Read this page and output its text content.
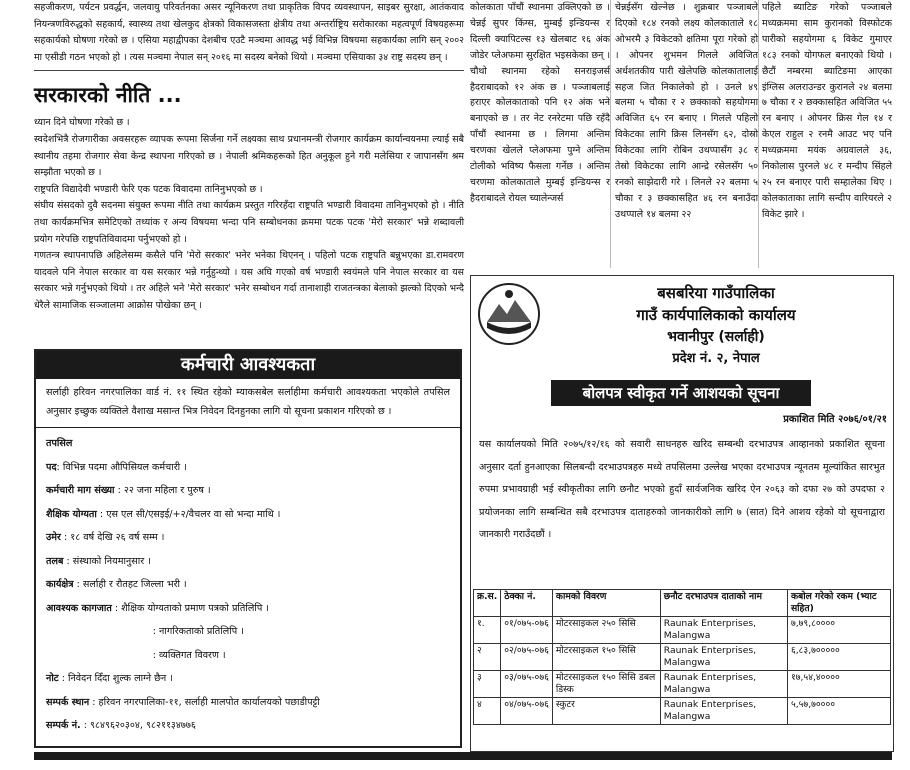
सहजीकरण, पर्यटन प्रवर्द्धन, जलवायु परिवर्तनका असर न्यूनिकरण तथा प्राकृतिक विपद व्यवस्थापन, साइबर सुरक्षा, आतंकवाद नियन्त्रणविरुद्धको सहकार्य, स्वास्थ्य तथा खेलकुद क्षेत्रको विकासजस्ता क्षेत्रीय तथा अन्तर्राष्ट्रिय सरोकारका महत्वपूर्ण विषयहरूमा सहकार्यको घोषणा गरेको छ । एसिया महाद्वीपका देशबीच एउटै मञ्चमा आवद्ध भई विभिन्न विषयमा सहकार्यका लागि सन् २००२ मा एसीडी गठन भएको हो । त्यस मञ्चमा नेपाल सन् २०१६ मा सदस्य बनेको थियो । मञ्चमा एसियाका ३४ राष्ट्र सदस्य छन् ।

सरकारको नीति ...

ध्यान दिने घोषणा गरेको छ ।

स्वदेशभित्रै रोजगारीका अवसरहरू व्यापक रूपमा सिर्जना गर्ने लक्ष्यका साथ प्रधानमन्त्री रोजगार कार्यक्रम कार्यान्वयनमा ल्याई सबै स्थानीय तहमा रोजगार सेवा केन्द्र स्थापना गरिएको छ । नेपाली श्रमिकहरूको हित अनुकूल हुने गरी मलेसिया र जापानसँग श्रम सम्झौता भएको छ ।

राष्ट्रपति विद्यादेवी भण्डारी फेरि एक पटक विवादमा तानिनुभएको छ ।

संघीय संसदको दुवै सदनमा संयुक्त रूपमा नीति तथा कार्यक्रम प्रस्तुत गरिरहँदा राष्ट्रपति भण्डारी विवादमा तानिनुभएको हो । नीति तथा कार्यक्रमभित्र समेटिएको तथ्यांक र अन्य विषयमा भन्दा पनि सम्बोधनका क्रममा पटक पटक 'मेरो सरकार' भन्ने शब्दावली प्रयोग गरेपछि राष्ट्रपतिविवादमा पर्नुभएको हो ।

गणतन्त्र स्थापनापछि अहिलेसम्म कसैले पनि 'मेरो सरकार' भनेर भनेका थिएनन् । पहिलो पटक राष्ट्रपति बन्नुभएका डा.रामवरण यादवले पनि नेपाल सरकार वा यस सरकार भन्ने गर्नुहुन्थ्यो । यस अघि गएको वर्ष भण्डारी स्वयंमले पनि नेपाल सरकार वा यस सरकार भन्ने गर्नुभएको थियो । तर अहिले भने 'मेरो सरकार' भनेर सम्बोधन गर्दा तानाशाही राजतन्त्रका बेलाको झल्को दिएको भन्दै धेरैले सामाजिक सञ्जालमा आक्रोस पोखेका छन् ।

कोलकाता पाँचौं स्थानमा उक्लिएको छ । चेन्नई सुपर किंग्स, मुम्बई इन्डियन्स र दिल्ली क्यापिटल्स १३ खेलबाट १६ अंक जोडेर प्लेअफमा सुरक्षित भइसकेका छन् । चौथो स्थानमा रहेको सनराइजर्स हैदराबादको १२ अंक छ । पञ्जाबलाई हराएर कोलकाताको पनि १२ अंक भने बनाएको छ । तर नेट रनरेटमा पछि रहँदै पाँचौं स्थानमा छ । लिगमा अन्तिम चरणका खेलले प्लेअफमा पुग्ने अन्तिम टोलीको भविष्य फैसला गर्नेछ । अन्तिम चरणमा कोलकाताले मुम्बई इन्डियन्स र हैदराबादले रोयल च्यालेन्जर्स

चेन्नईसँग खेल्नेछ । शुक्रबार पञ्जाबले दिएको १८४ रनको लक्ष्य कोलकाताले १८ ओभरमै ३ विकेटको क्षतिमा पूरा गरेको हो । ओपनर शुभमन गिलले अविजित अर्धशतकीय पारी खेलेपछि कोलकातालाई सहज जित निकालेको हो । उनले ४९ बलमा ५ चौका र २ छक्काको सहयोगमा अविजित ६५ रन बनाए । गिलले पहिलो विकेटका लागि क्रिस लिनसँग ६२, दोस्रो विकेटका लागि रोबिन उथप्पासँग ३८ र तेस्रो विकेटका लागि आन्द्रे रसेलसँग ५० रनको साझेदारी गरे । लिनले २२ बलमा ५ चौका र ३ छक्कासहित ४६ रन बनाउँदा उथप्पाले १४ बलमा २२

पहिले ब्याटिङ गरेको पञ्जाबले मध्यक्रममा साम कुरानको विस्फोटक पारीको सहयोगमा ६ विकेट गुमाएर १८३ रनको योगफल बनाएको थियो । छैटौं नम्बरमा ब्याटिङमा आएका इंग्लिस अलराउन्डर कुरानले २४ बलमा ७ चौका र २ छक्कासहित अविजित ५५ रन बनाए । ओपनर क्रिस गेल १४ र केएल राहुल २ रनमै आउट भए पनि मध्यक्रममा मयंक अग्रवालले ३६, निकोलास पुरनले ४८ र मन्दीप सिंहले २५ रन बनाएर पारी सम्हालेका थिए । कोलकाताका लागि सन्दीप वारियरले २ विकेट झारे ।

कर्मचारी आवश्यकता
सर्लाही हरिवन नगरपालिका वार्ड नं. ११ स्थित रहेको म्याकसबेल सर्लाहीमा कर्मचारी आवश्यकता भएकोले तपसिल अनुसार इच्छुक व्यक्तिले वैशाख मसान्त भित्र निवेदन दिनहुनका लागि यो सूचना प्रकाशन गरिएको छ ।
तपसिल
पद: विभिन्न पदमा औपिसियल कर्मचारी ।
कर्मचारी माग संख्या : २२ जना महिला र पुरुष ।
शैक्षिक योग्यता : एस एल सी/एसइई/+२/वैचलर वा सो भन्दा माथि ।
उमेर : १८ वर्ष देखि २६ वर्ष सम्म ।
तलब : संस्थाको नियमानुसार ।
कार्यक्षेत्र : सर्लाही र रौतहट जिल्ला भरी ।
आवश्यक कागजात : शैक्षिक योग्यताको प्रमाण पत्रको प्रतिलिपि ।
: नागरिकताको प्रतिलिपि ।
: व्यक्तिगत विवरण ।
नोट : निवेदन दिँदा शुल्क लाग्ने छैन ।
सम्पर्क स्थान : हरिवन नगरपालिका-११, सर्लाही मालपोत कार्यालयको पछाडीपट्टी
सम्पर्क नं. : ९८४९६२०३०४, ९८२११३४७७६
बसबरिया गाउँपालिका
गाउँ कार्यपालिकाको कार्यालय
भवानीपुर (सर्लाही)
प्रदेश नं. २, नेपाल
बोलपत्र स्वीकृत गर्ने आशयको सूचना
प्रकाशित मिति २०७६/०१/२१
यस कार्यालयको मिति २०७५/१२/१६ को सवारी साधनहरु खरिद सम्बन्धी दरभाउपत्र आव्हानको प्रकाशित सूचना अनुसार दर्ता हुनआएका सिलबन्दी दरभाउपत्रहरु मध्ये तपसिलमा उल्लेख भएका दरभाउपत्र न्यूनतम मूल्यांकित सारभुत रुपमा प्रभावग्राही भई स्वीकृतीका लागि छनौट भएको हुदाँ सार्वजनिक खरिद ऐन २०६३ को दफा २७ को उपदफा २ प्रयोजनका लागि सम्बन्धित सबै दरभाउपत्र दाताहरुको जानकारीको लागि ७ (सात) दिने आशय रहेको यो सूचनाद्वारा जानकारी गराउँदछौं ।
क्र.स.	ठेक्का नं.	कामको विवरण	छनौट दरभाउपत्र दाताको नाम	कबोल गरेको रकम (भ्याट सहित)
१.	०१/०७५-०७६	मोटरसाइकल २५० सिसि	Raunak Enterprises, Malangwa	७,७९,८००००
२	०२/०७५-०७६	मोटरसाइकल १५० सिसि	Raunak Enterprises, Malangwa	६,८३,७०००००
३	०३/०७५-०७६	मोटरसाइकल १५० सिसि डबल डिस्क	Raunak Enterprises, Malangwa	१७,५४,४००००
४	०४/०७५-०७६	स्कुटर	Raunak Enterprises, Malangwa	५,५७,७००००
